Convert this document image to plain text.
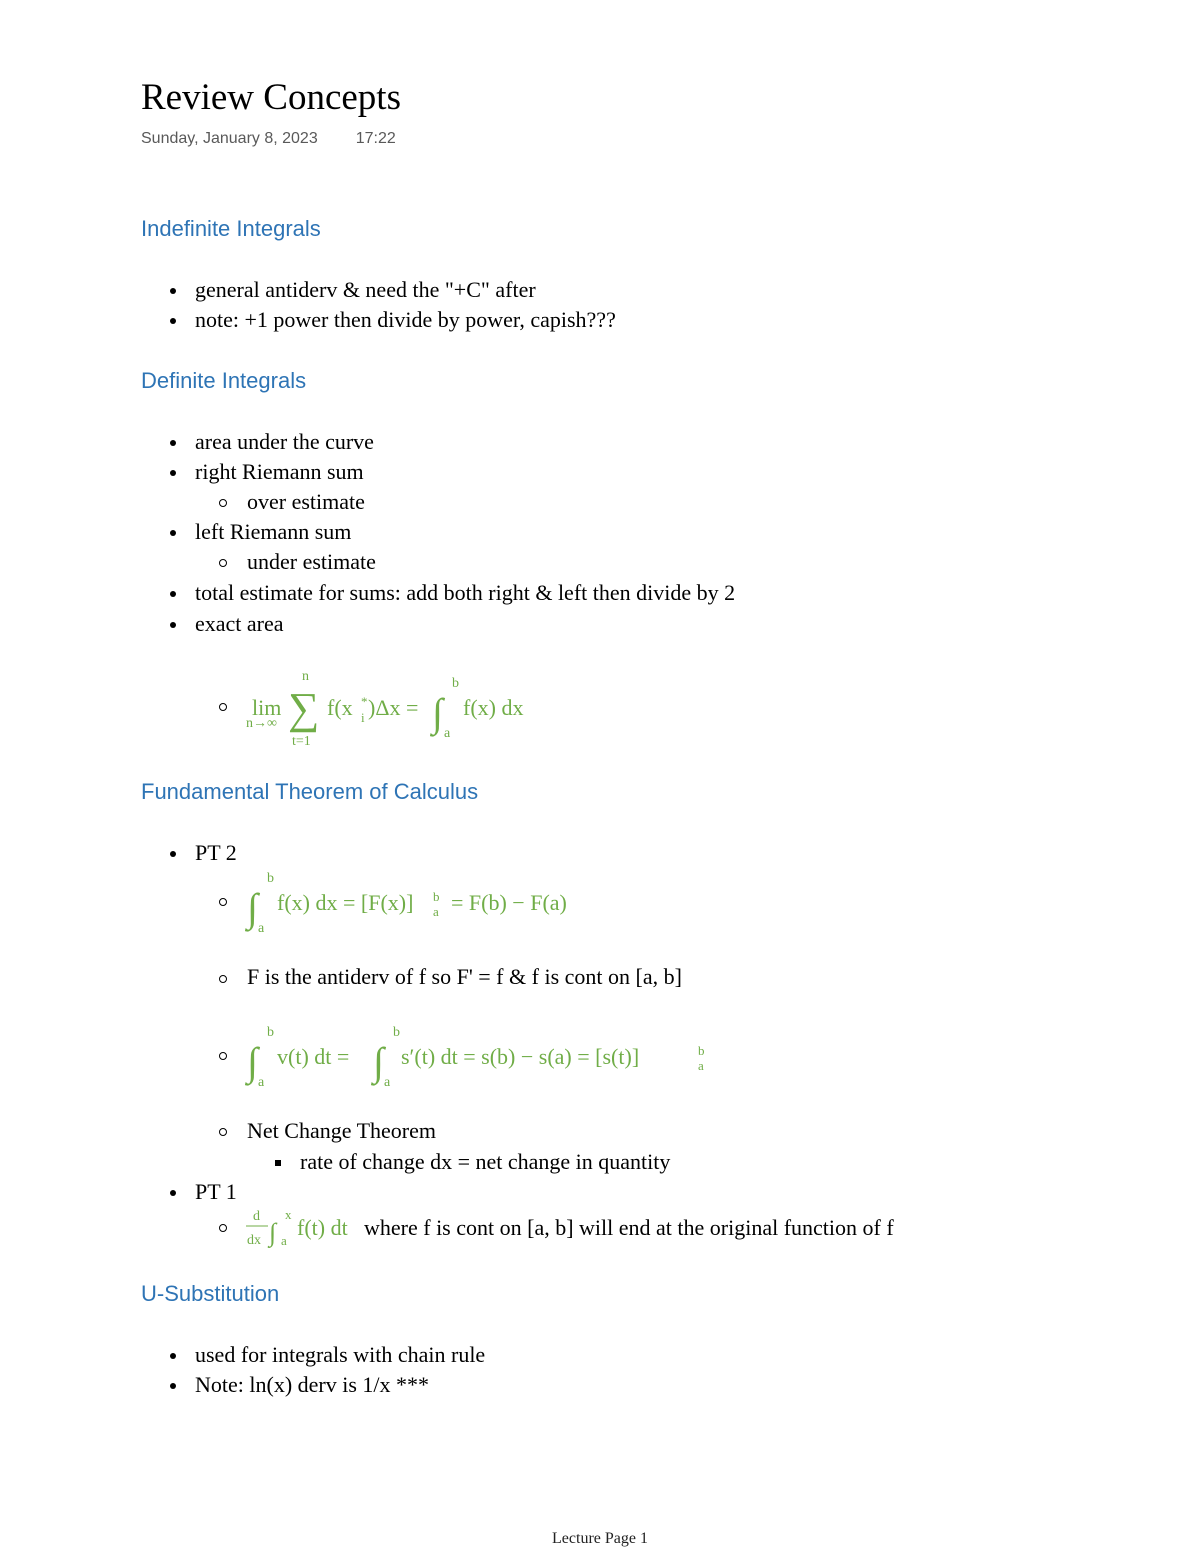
Review Concepts
Sunday, January 8, 2023 17:22
Indefinite Integrals
general antiderv & need the "+C" after
note: +1 power then divide by power, capish???
Definite Integrals
area under the curve
right Riemann sum
over estimate
left Riemann sum
under estimate
total estimate for sums: add both right & left then divide by 2
exact area
lim
n→∞
n
∑
t=1
f(x *
i )Δx = ∫
b
a
f(x) dx
Fundamental Theorem of Calculus
PT 2
∫
b
a
f(x) dx = [F(x)] b
a = F(b) − F(a)
F is the antiderv of f so F' = f & f is cont on [a, b]
∫
b
a
v(t) dt = ∫
b
a
s′(t) dt = s(b) − s(a) = [s(t)]	b
a
Net Change Theorem
rate of change dx = net change in quantity
PT 1
d
dx ∫
x
a
f(t) dt where f is cont on [a, b] will end at the original function of f
U-Substitution
used for integrals with chain rule
Note: ln(x) derv is 1/x ***
Lecture Page 1
